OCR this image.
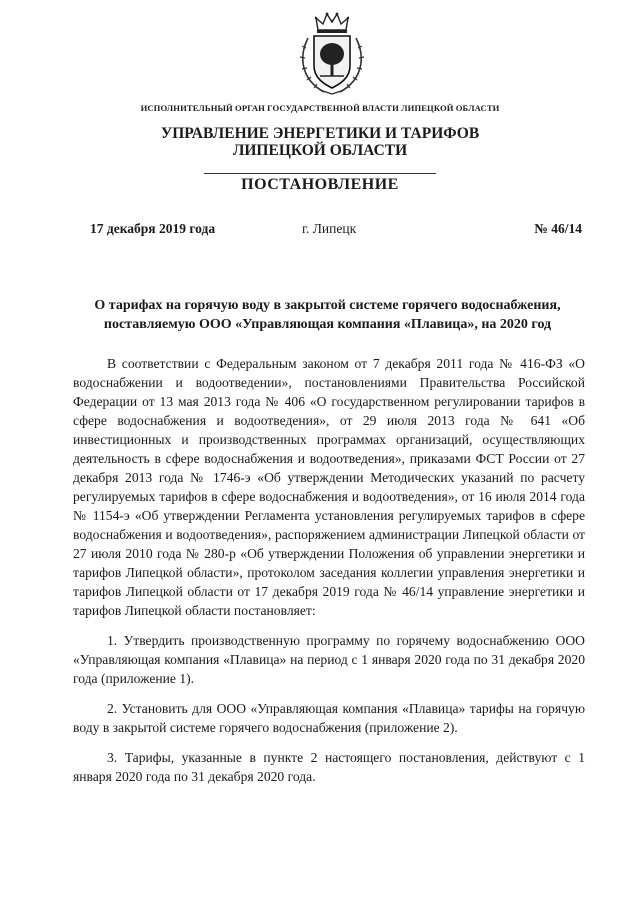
ИСПОЛНИТЕЛЬНЫЙ ОРГАН ГОСУДАРСТВЕННОЙ ВЛАСТИ ЛИПЕЦКОЙ ОБЛАСТИ
УПРАВЛЕНИЕ ЭНЕРГЕТИКИ И ТАРИФОВ
ЛИПЕЦКОЙ ОБЛАСТИ
ПОСТАНОВЛЕНИЕ
17 декабря 2019 года	г. Липецк	№ 46/14
О тарифах на горячую воду в закрытой системе горячего водоснабжения,
поставляемую ООО «Управляющая компания «Плавица», на 2020 год

В соответствии с Федеральным законом от 7 декабря 2011 года № 416-ФЗ «О водоснабжении и водоотведении», постановлениями Правительства Российской Федерации от 13 мая 2013 года № 406 «О государственном регулировании тарифов в сфере водоснабжения и водоотведения», от 29 июля 2013 года № 641 «Об инвестиционных и производственных программах организаций, осуществляющих деятельность в сфере водоснабжения и водоотведения», приказами ФСТ России от 27 декабря 2013 года № 1746-э «Об утверждении Методических указаний по расчету регулируемых тарифов в сфере водоснабжения и водоотведения», от 16 июля 2014 года № 1154-э «Об утверждении Регламента установления регулируемых тарифов в сфере водоснабжения и водоотведения», распоряжением администрации Липецкой области от 27 июля 2010 года № 280-р «Об утверждении Положения об управлении энергетики и тарифов Липецкой области», протоколом заседания коллегии управления энергетики и тарифов Липецкой области от 17 декабря 2019 года № 46/14 управление энергетики и тарифов Липецкой области постановляет:

1. Утвердить производственную программу по горячему водоснабжению ООО «Управляющая компания «Плавица» на период с 1 января 2020 года по 31 декабря 2020 года (приложение 1).

2. Установить для ООО «Управляющая компания «Плавица» тарифы на горячую воду в закрытой системе горячего водоснабжения (приложение 2).

3. Тарифы, указанные в пункте 2 настоящего постановления, действуют с 1 января 2020 года по 31 декабря 2020 года.
